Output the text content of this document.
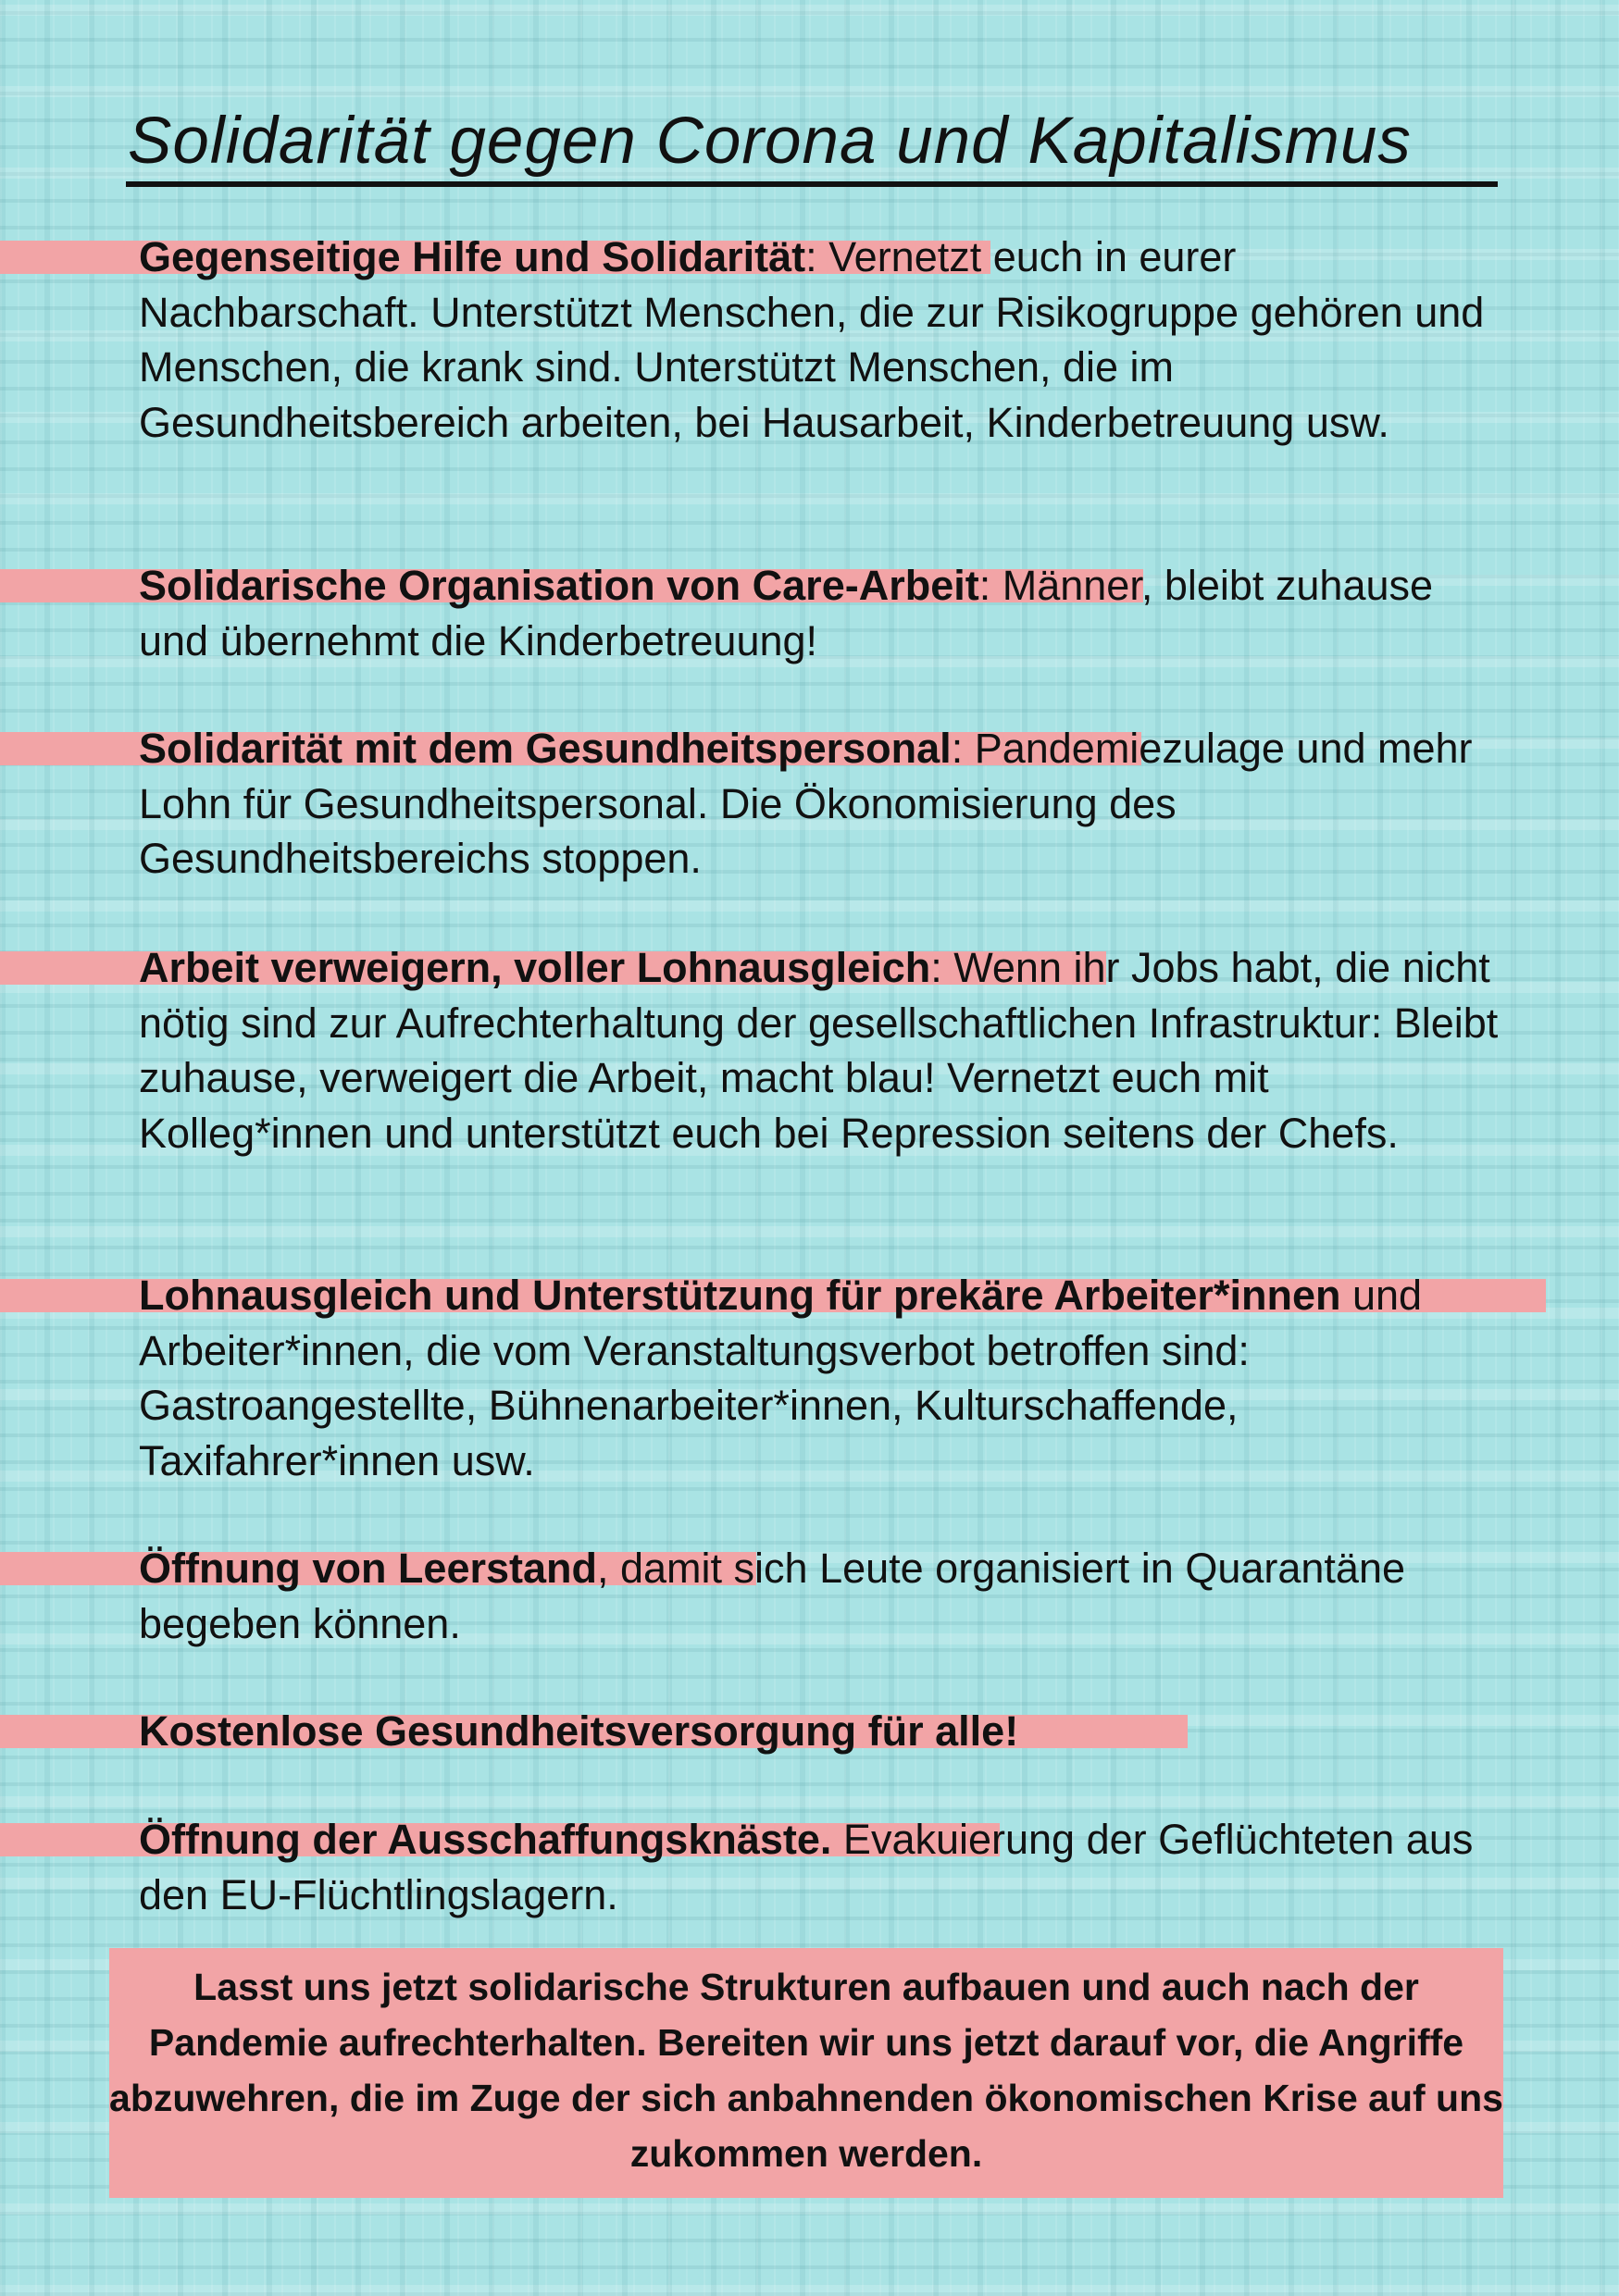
Solidarität gegen Corona und Kapitalismus

Gegenseitige Hilfe und Solidarität: Vernetzt euch in eurer Nachbarschaft. Unterstützt Menschen, die zur Risikogruppe gehören und Menschen, die krank sind. Unterstützt Menschen, die im Gesundheitsbereich arbeiten, bei Hausarbeit, Kinderbetreuung usw.

Solidarische Organisation von Care-Arbeit: Männer, bleibt zuhause und übernehmt die Kinderbetreuung!

Solidarität mit dem Gesundheitspersonal: Pandemiezulage und mehr Lohn für Gesundheitspersonal. Die Ökonomisierung des Gesundheitsbereichs stoppen.

Arbeit verweigern, voller Lohnausgleich: Wenn ihr Jobs habt, die nicht nötig sind zur Aufrechterhaltung der gesellschaftlichen Infrastruktur: Bleibt zuhause, verweigert die Arbeit, macht blau! Vernetzt euch mit Kolleg*innen und unterstützt euch bei Repression seitens der Chefs.

Lohnausgleich und Unterstützung für prekäre Arbeiter*innen und Arbeiter*innen, die vom Veranstaltungsverbot betroffen sind: Gastroangestellte, Bühnenarbeiter*innen, Kulturschaffende, Taxifahrer*innen usw.

Öffnung von Leerstand, damit sich Leute organisiert in Quarantäne begeben können.

Kostenlose Gesundheitsversorgung für alle!

Öffnung der Ausschaffungsknäste. Evakuierung der Geflüchteten aus den EU-Flüchtlingslagern.

Lasst uns jetzt solidarische Strukturen aufbauen und auch nach der Pandemie aufrechterhalten. Bereiten wir uns jetzt darauf vor, die Angriffe abzuwehren, die im Zuge der sich anbahnenden ökonomischen Krise auf uns zukommen werden.
